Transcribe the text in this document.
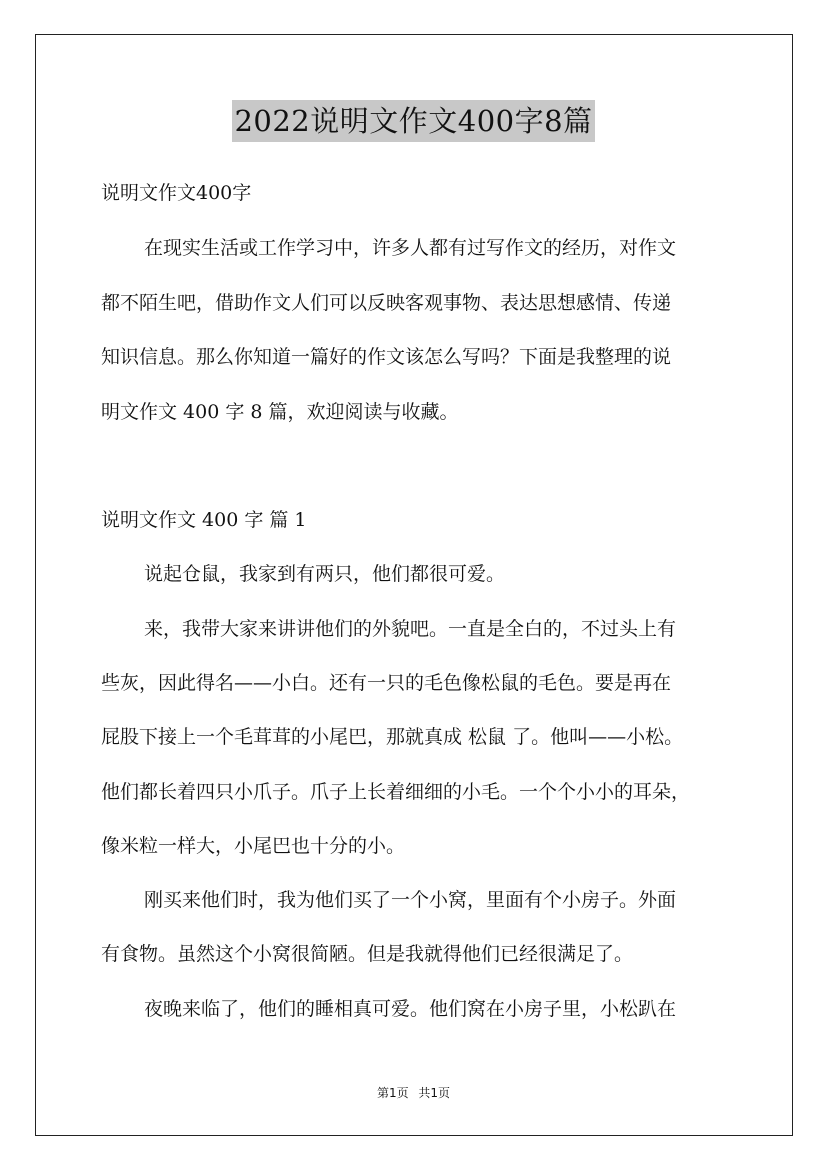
2022说明文作文400字8篇
说明文作文400字
在现实生活或工作学习中，许多人都有过写作文的经历，对作文
都不陌生吧，借助作文人们可以反映客观事物、表达思想感情、传递
知识信息。那么你知道一篇好的作文该怎么写吗？下面是我整理的说
明文作文 400 字 8 篇，欢迎阅读与收藏。
说明文作文 400 字 篇 1
说起仓鼠，我家到有两只，他们都很可爱。
来，我带大家来讲讲他们的外貌吧。一直是全白的，不过头上有
些灰，因此得名——小白。还有一只的毛色像松鼠的毛色。要是再在
屁股下接上一个毛茸茸的小尾巴，那就真成 松鼠 了。他叫——小松。
他们都长着四只小爪子。爪子上长着细细的小毛。一个个小小的耳朵，
像米粒一样大，小尾巴也十分的小。
刚买来他们时，我为他们买了一个小窝，里面有个小房子。外面
有食物。虽然这个小窝很简陋。但是我就得他们已经很满足了。
夜晚来临了，他们的睡相真可爱。他们窝在小房子里，小松趴在
第1页 共1页
